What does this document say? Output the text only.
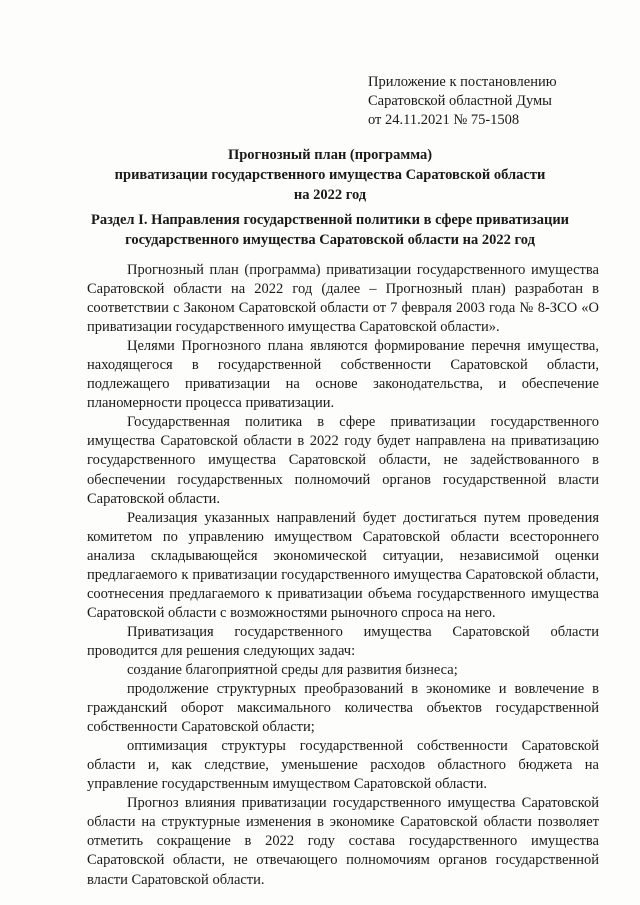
Приложение к постановлению
Саратовской областной Думы
от 24.11.2021 № 75-1508
Прогнозный план (программа)
приватизации государственного имущества Саратовской области
на 2022 год
Раздел I. Направления государственной политики в сфере приватизации
государственного имущества Саратовской области на 2022 год

Прогнозный план (программа) приватизации государственного имущества Саратовской области на 2022 год (далее – Прогнозный план) разработан в соответствии с Законом Саратовской области от 7 февраля 2003 года № 8-ЗСО «О приватизации государственного имущества Саратовской области».

Целями Прогнозного плана являются формирование перечня имущества, находящегося в государственной собственности Саратовской области, подлежащего приватизации на основе законодательства, и обеспечение планомерности процесса приватизации.

Государственная политика в сфере приватизации государственного имущества Саратовской области в 2022 году будет направлена на приватизацию государственного имущества Саратовской области, не задействованного в обеспечении государственных полномочий органов государственной власти Саратовской области.

Реализация указанных направлений будет достигаться путем проведения комитетом по управлению имуществом Саратовской области всестороннего анализа складывающейся экономической ситуации, независимой оценки предлагаемого к приватизации государственного имущества Саратовской области, соотнесения предлагаемого к приватизации объема государственного имущества Саратовской области с возможностями рыночного спроса на него.

Приватизация государственного имущества Саратовской области проводится для решения следующих задач:

создание благоприятной среды для развития бизнеса;

продолжение структурных преобразований в экономике и вовлечение в гражданский оборот максимального количества объектов государственной собственности Саратовской области;

оптимизация структуры государственной собственности Саратовской области и, как следствие, уменьшение расходов областного бюджета на управление государственным имуществом Саратовской области.

Прогноз влияния приватизации государственного имущества Саратовской области на структурные изменения в экономике Саратовской области позволяет отметить сокращение в 2022 году состава государственного имущества Саратовской области, не отвечающего полномочиям органов государственной власти Саратовской области.
